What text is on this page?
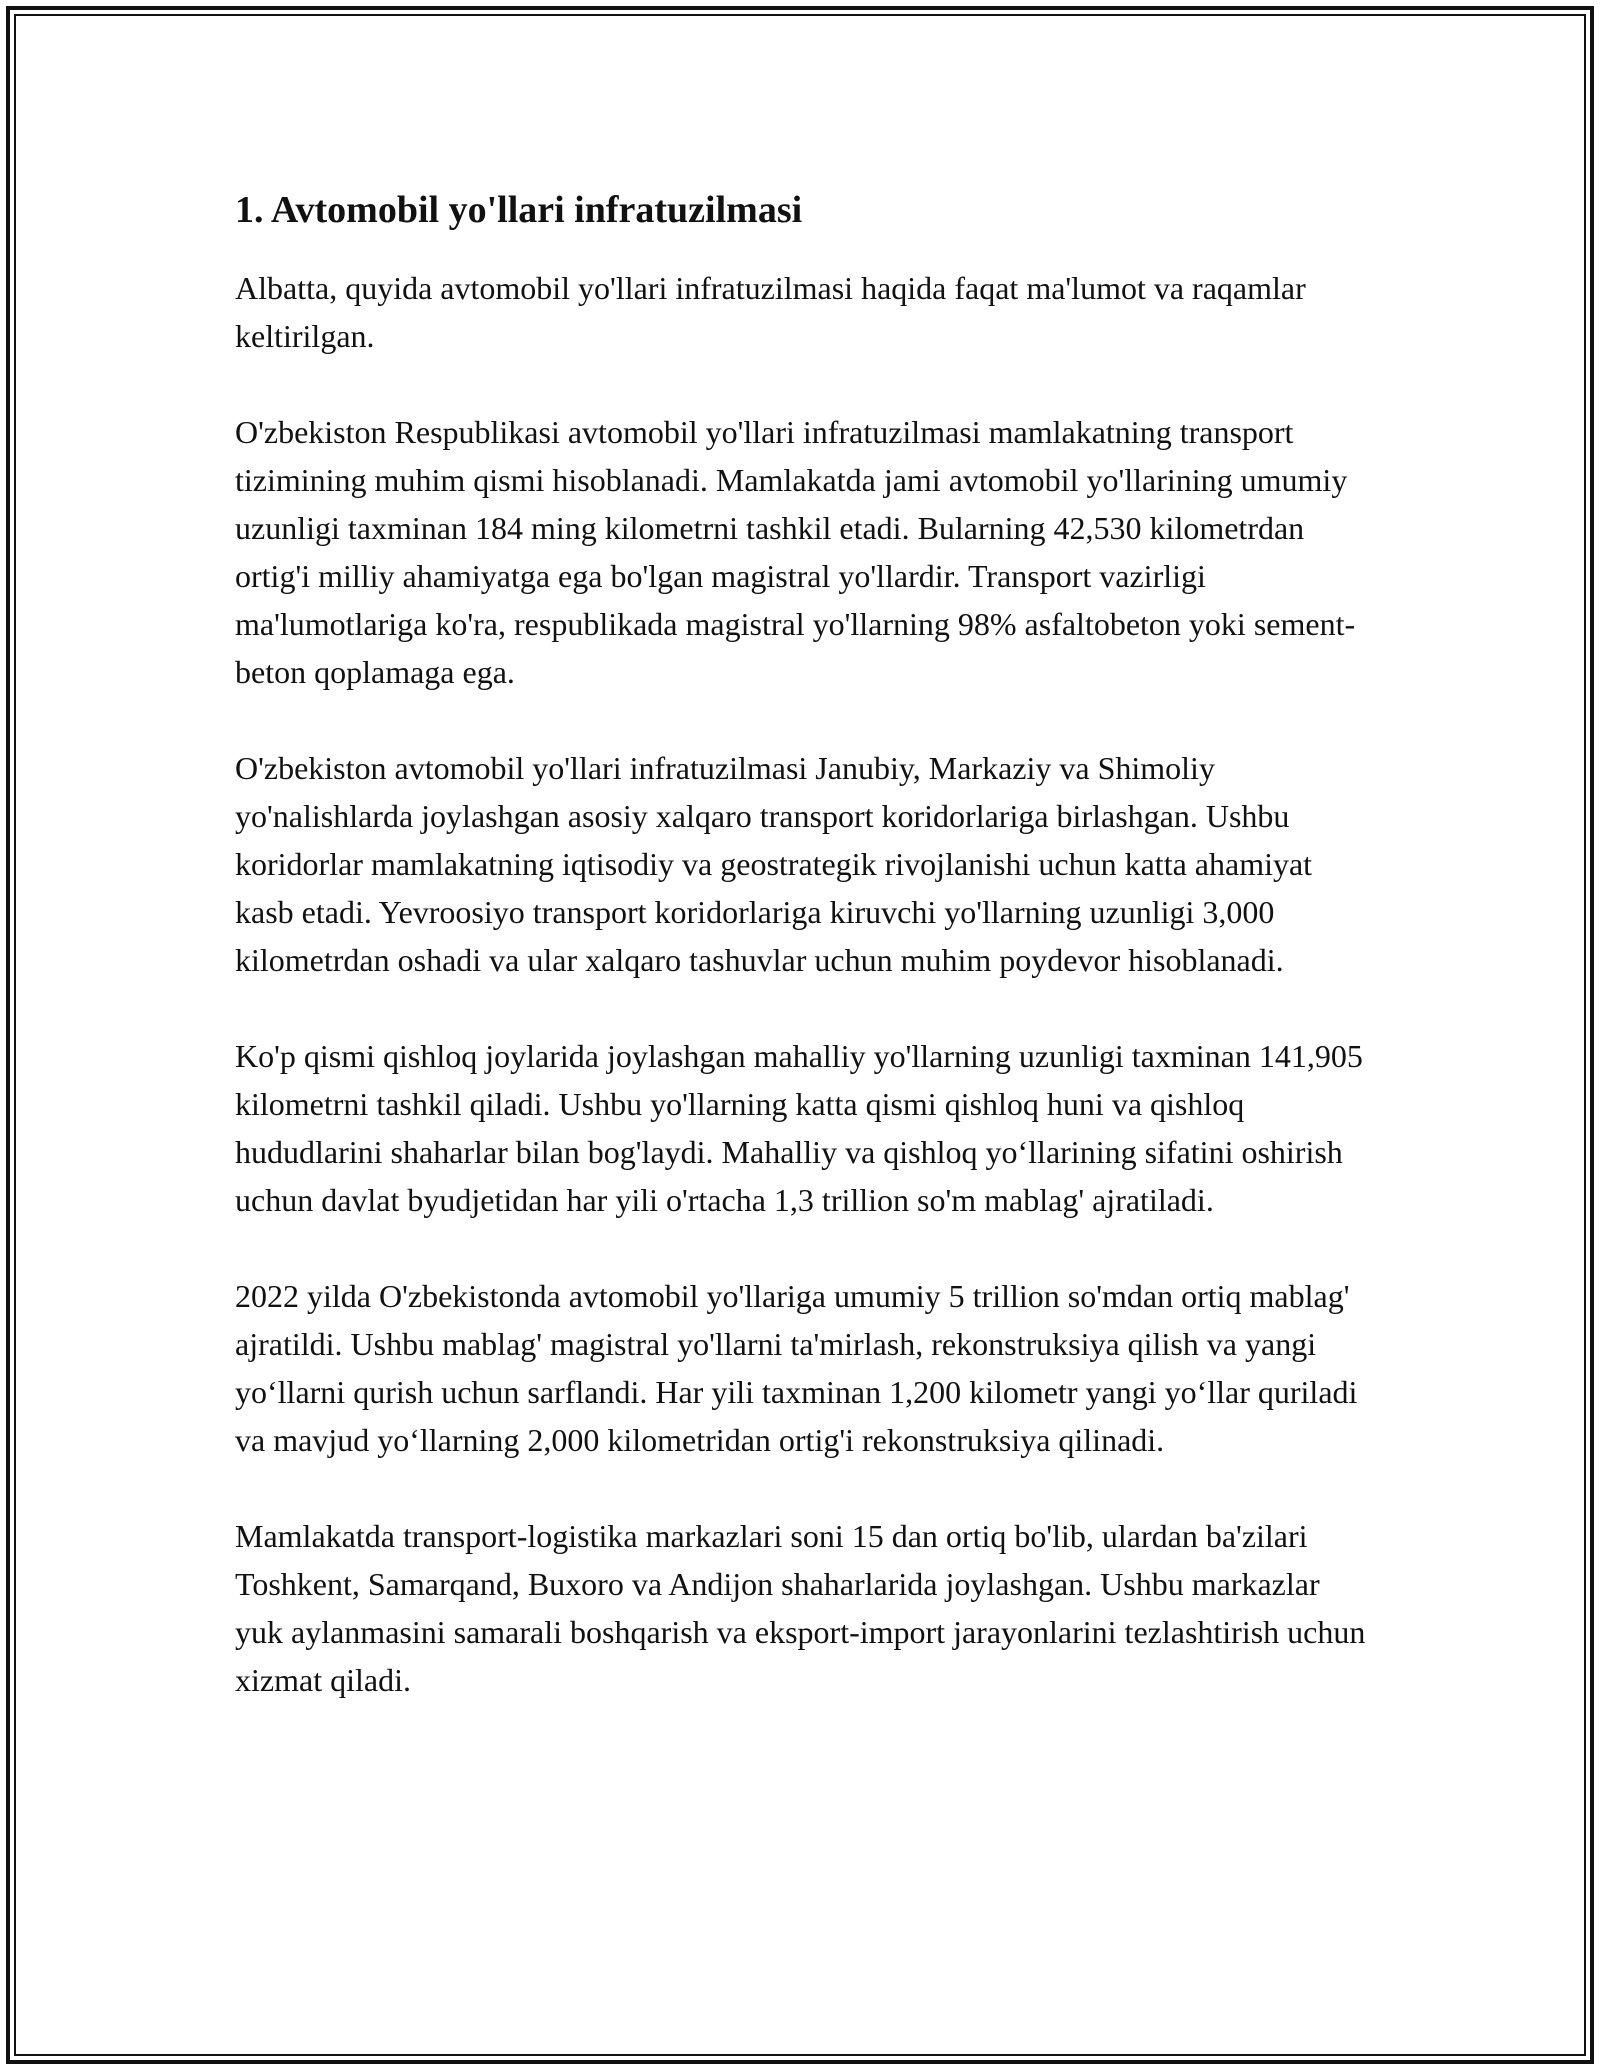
1. Avtomobil yo'llari infratuzilmasi

Albatta, quyida avtomobil yo'llari infratuzilmasi haqida faqat ma'lumot va raqamlar keltirilgan.

O'zbekiston Respublikasi avtomobil yo'llari infratuzilmasi mamlakatning transport tizimining muhim qismi hisoblanadi. Mamlakatda jami avtomobil yo'llarining umumiy uzunligi taxminan 184 ming kilometrni tashkil etadi. Bularning 42,530 kilometrdan ortig'i milliy ahamiyatga ega bo'lgan magistral yo'llardir. Transport vazirligi ma'lumotlariga ko'ra, respublikada magistral yo'llarning 98% asfaltobeton yoki sement-beton qoplamaga ega.

O'zbekiston avtomobil yo'llari infratuzilmasi Janubiy, Markaziy va Shimoliy yo'nalishlarda joylashgan asosiy xalqaro transport koridorlariga birlashgan. Ushbu koridorlar mamlakatning iqtisodiy va geostrategik rivojlanishi uchun katta ahamiyat kasb etadi. Yevroosiyo transport koridorlariga kiruvchi yo'llarning uzunligi 3,000 kilometrdan oshadi va ular xalqaro tashuvlar uchun muhim poydevor hisoblanadi.

Ko'p qismi qishloq joylarida joylashgan mahalliy yo'llarning uzunligi taxminan 141,905 kilometrni tashkil qiladi. Ushbu yo'llarning katta qismi qishloq huni va qishloq hududlarini shaharlar bilan bog'laydi. Mahalliy va qishloq yo‘llarining sifatini oshirish uchun davlat byudjetidan har yili o'rtacha 1,3 trillion so'm mablag' ajratiladi.

2022 yilda O'zbekistonda avtomobil yo'llariga umumiy 5 trillion so'mdan ortiq mablag' ajratildi. Ushbu mablag' magistral yo'llarni ta'mirlash, rekonstruksiya qilish va yangi yo‘llarni qurish uchun sarflandi. Har yili taxminan 1,200 kilometr yangi yo‘llar quriladi va mavjud yo‘llarning 2,000 kilometridan ortig'i rekonstruksiya qilinadi.

Mamlakatda transport-logistika markazlari soni 15 dan ortiq bo'lib, ulardan ba'zilari Toshkent, Samarqand, Buxoro va Andijon shaharlarida joylashgan. Ushbu markazlar yuk aylanmasini samarali boshqarish va eksport-import jarayonlarini tezlashtirish uchun xizmat qiladi.
